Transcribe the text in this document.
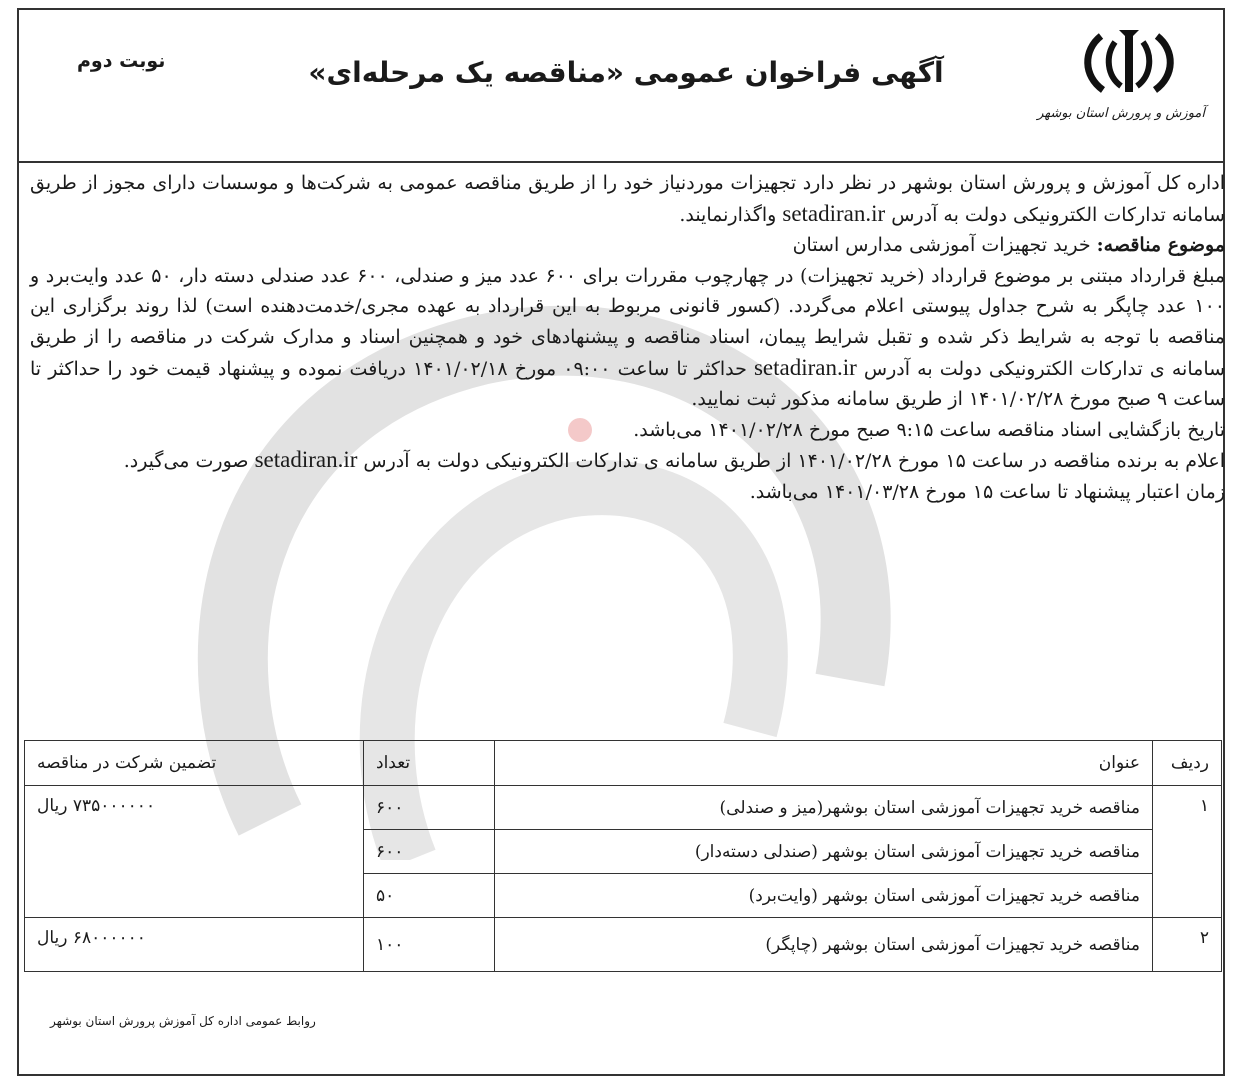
آموزش و پرورش استان بوشهر
آگهی فراخوان عمومی «مناقصه یک مرحله‌ای»
نوبت دوم

اداره کل آموزش و پرورش استان بوشهر در نظر دارد تجهیزات موردنیاز خود را از طریق مناقصه عمومی به شرکت‌ها و موسسات دارای مجوز از طریق سامانه تدارکات الکترونیکی دولت به آدرس setadiran.ir واگذارنمایند.

موضوع مناقصه: خرید تجهیزات آموزشی مدارس استان

مبلغ قرارداد مبتنی بر موضوع قرارداد (خرید تجهیزات) در چهارچوب مقررات برای ۶۰۰ عدد میز و صندلی، ۶۰۰ عدد صندلی دسته دار، ۵۰ عدد وایت‌برد و ۱۰۰ عدد چاپگر به شرح جداول پیوستی اعلام می‌گردد. (کسور قانونی مربوط به این قرارداد به عهده مجری/خدمت‌دهنده است) لذا روند برگزاری این مناقصه با توجه به شرایط ذکر شده و تقبل شرایط پیمان، اسناد مناقصه و پیشنهادهای خود و همچنین اسناد و مدارک شرکت در مناقصه را از طریق سامانه ی تدارکات الکترونیکی دولت به آدرس setadiran.ir حداکثر تا ساعت ۰۹:۰۰ مورخ ۱۴۰۱/۰۲/۱۸ دریافت نموده و پیشنهاد قیمت خود را حداکثر تا ساعت ۹ صبح مورخ ۱۴۰۱/۰۲/۲۸ از طریق سامانه مذکور ثبت نمایید.

تاریخ بازگشایی اسناد مناقصه ساعت ۹:۱۵ صبح مورخ ۱۴۰۱/۰۲/۲۸ می‌باشد.

اعلام به برنده مناقصه در ساعت ۱۵ مورخ ۱۴۰۱/۰۲/۲۸ از طریق سامانه ی تدارکات الکترونیکی دولت به آدرس setadiran.ir صورت می‌گیرد.

زمان اعتبار پیشنهاد تا ساعت ۱۵ مورخ ۱۴۰۱/۰۳/۲۸ می‌باشد.

ردیف	عنوان	تعداد	تضمین شرکت در مناقصه
۱	مناقصه خرید تجهیزات آموزشی استان بوشهر(میز و صندلی)	۶۰۰	۷۳۵۰۰۰۰۰۰ ریال
	مناقصه خرید تجهیزات آموزشی استان بوشهر (صندلی دسته‌دار)	۶۰۰	
	مناقصه خرید تجهیزات آموزشی استان بوشهر (وایت‌برد)	۵۰	
۲	مناقصه خرید تجهیزات آموزشی استان بوشهر (چاپگر)	۱۰۰	۶۸۰۰۰۰۰۰ ریال
روابط عمومی اداره کل آموزش پرورش استان بوشهر
